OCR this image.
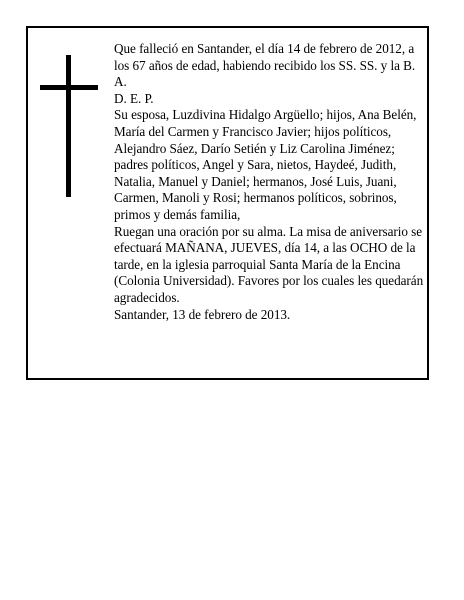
Que falleció en Santander, el día 14 de febrero de 2012, a los 67 años de edad, habiendo recibido los SS. SS. y la B. A.

D. E. P.

Su esposa, Luzdivina Hidalgo Argüello; hijos, Ana Belén, María del Carmen y Francisco Javier; hijos políticos, Alejandro Sáez, Darío Setién y Liz Carolina Jiménez; padres políticos, Angel y Sara, nietos, Haydeé, Judith, Natalia, Manuel y Daniel; hermanos, José Luis, Juani, Carmen, Manoli y Rosi; hermanos políticos, sobrinos, primos y demás familia,

Ruegan una oración por su alma. La misa de aniversario se efectuará MAÑANA, JUEVES, día 14, a las OCHO de la tarde, en la iglesia parroquial Santa María de la Encina (Colonia Universidad). Favores por los cuales les quedarán agradecidos.

Santander, 13 de febrero de 2013.
